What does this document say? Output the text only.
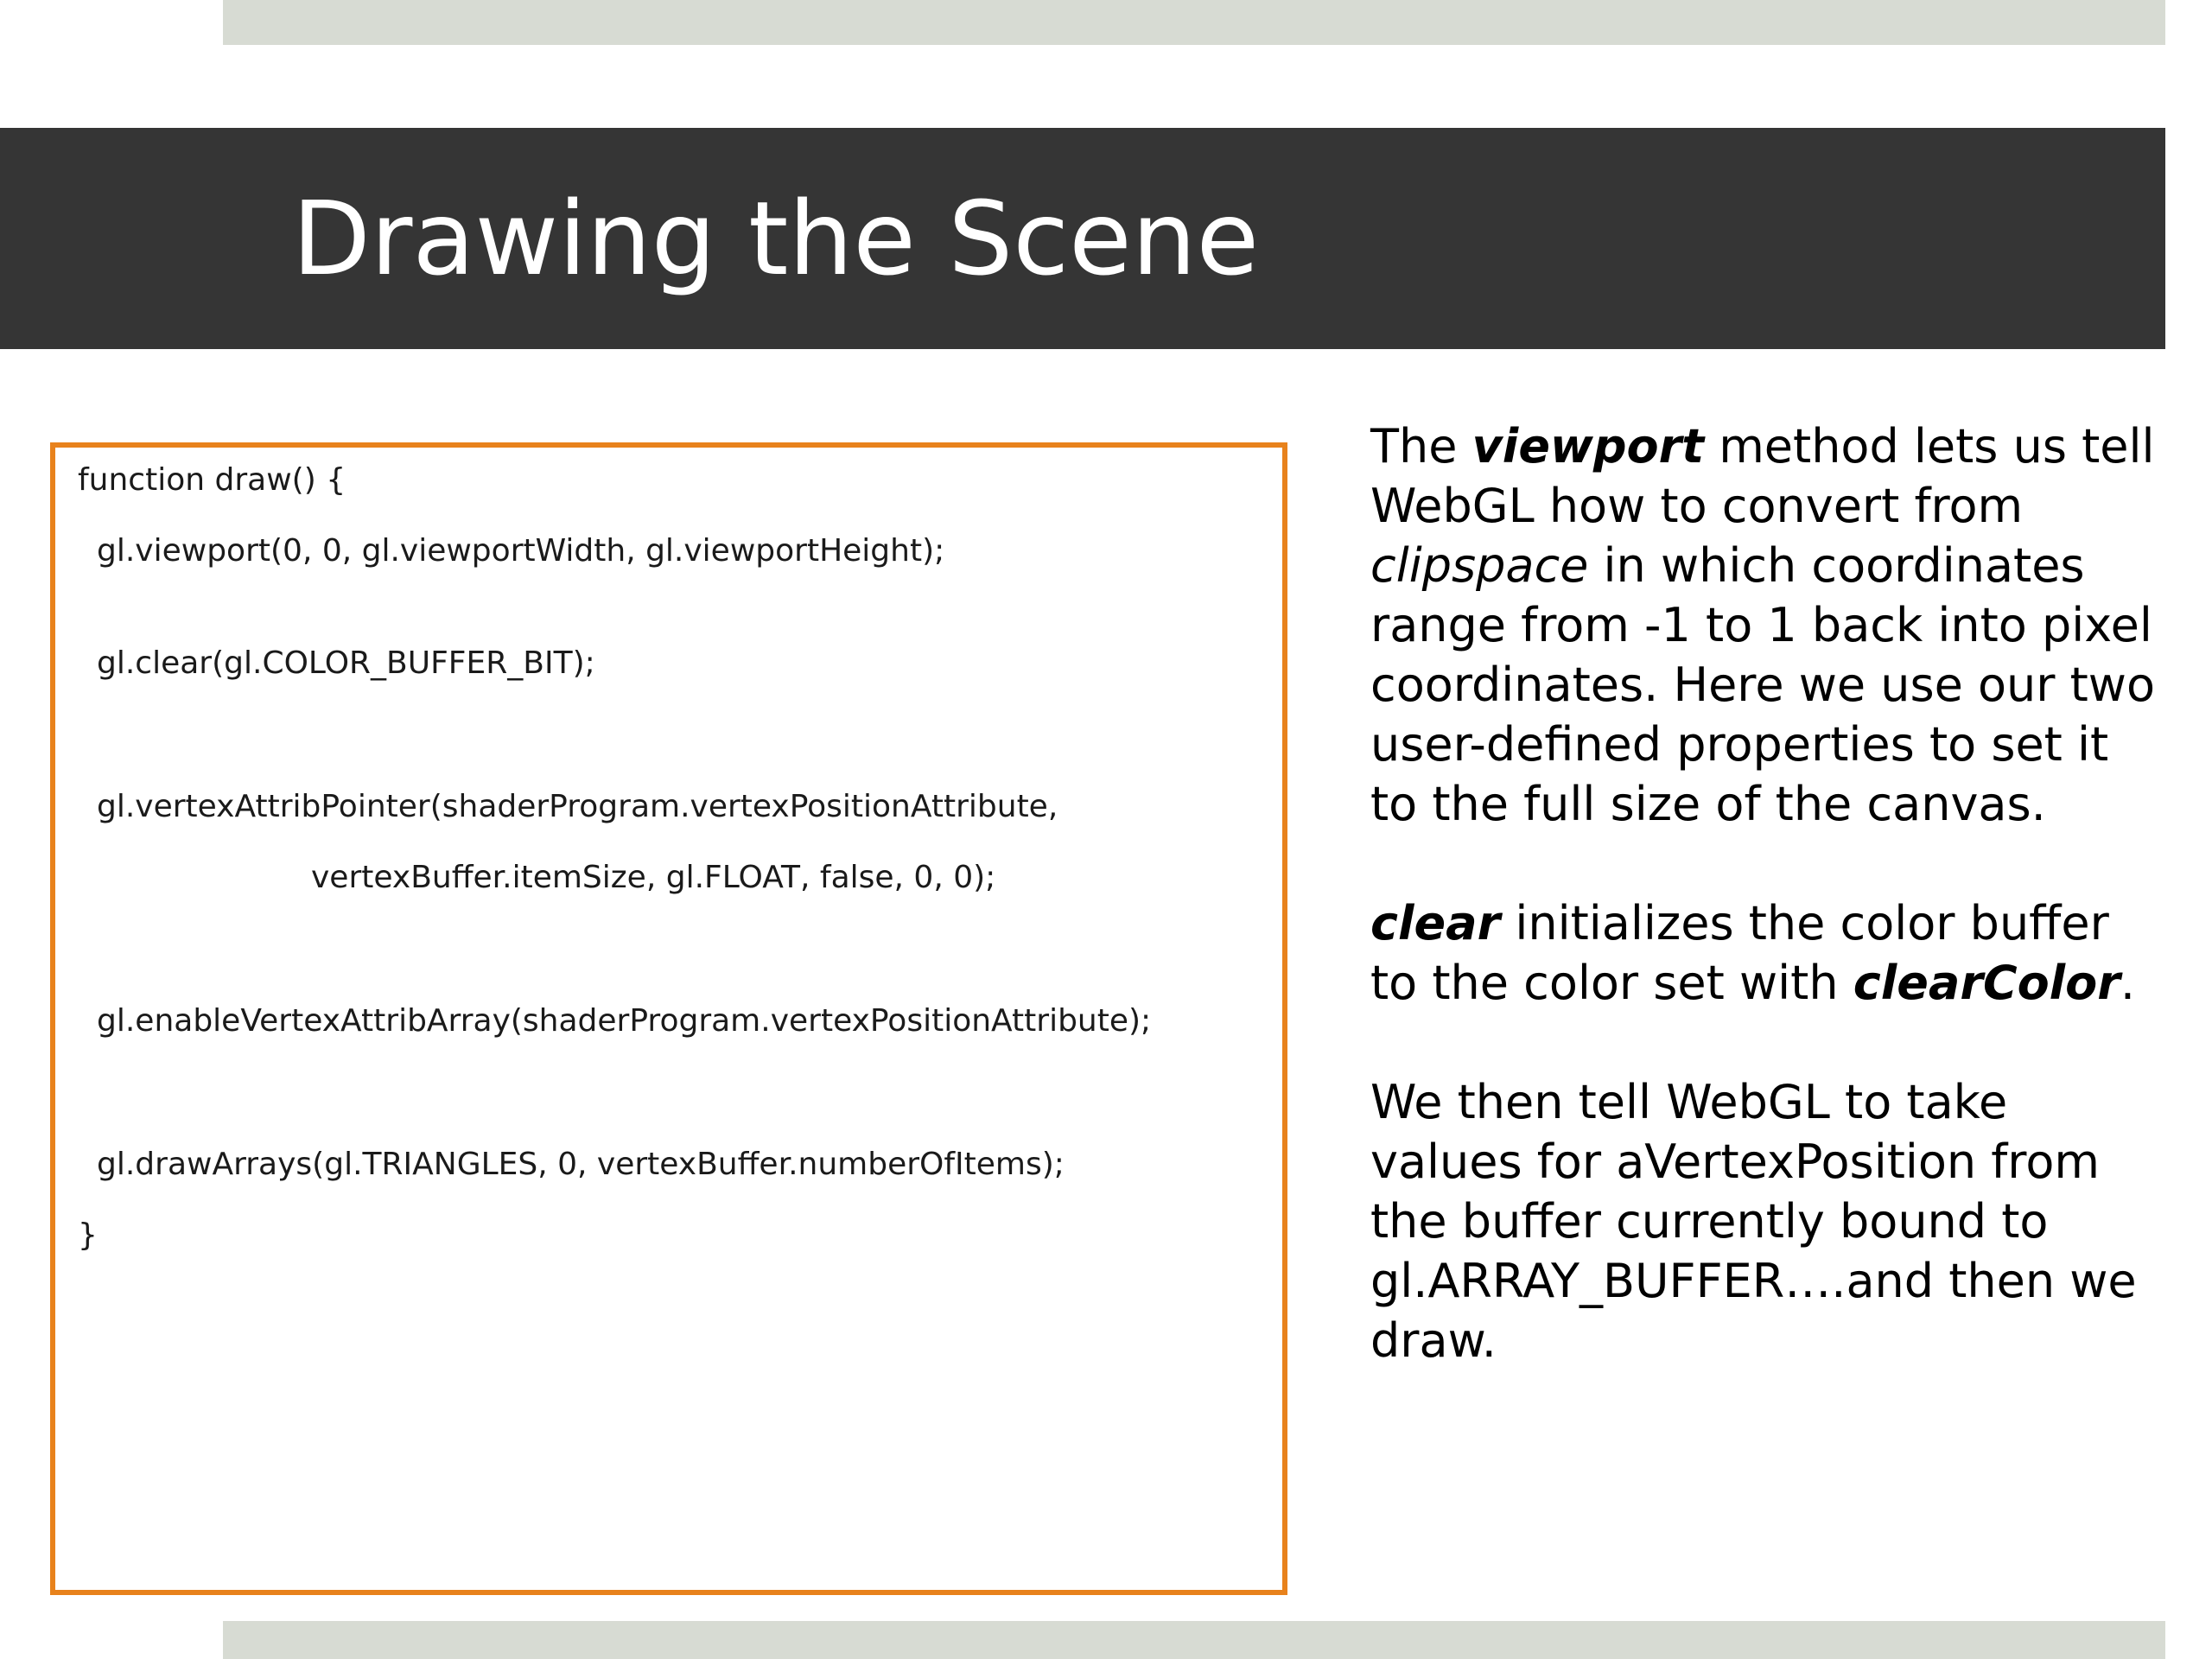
Drawing the Scene

function draw() {

gl.viewport(0, 0, gl.viewportWidth, gl.viewportHeight);

gl.clear(gl.COLOR_BUFFER_BIT);

gl.vertexAttribPointer(shaderProgram.vertexPositionAttribute,

vertexBuffer.itemSize, gl.FLOAT, false, 0, 0);

gl.enableVertexAttribArray(shaderProgram.vertexPositionAttribute);

gl.drawArrays(gl.TRIANGLES, 0, vertexBuffer.numberOfItems);

}

The viewport method lets us tell WebGL how to convert from clipspace in which coordinates range from -1 to 1 back into pixel coordinates. Here we use our two user-defined properties to set it to the full size of the canvas.

clear initializes the color buffer to the color set with clearColor.

We then tell WebGL to take values for aVertexPosition from the buffer currently bound to gl.ARRAY_BUFFER….and then we draw.
